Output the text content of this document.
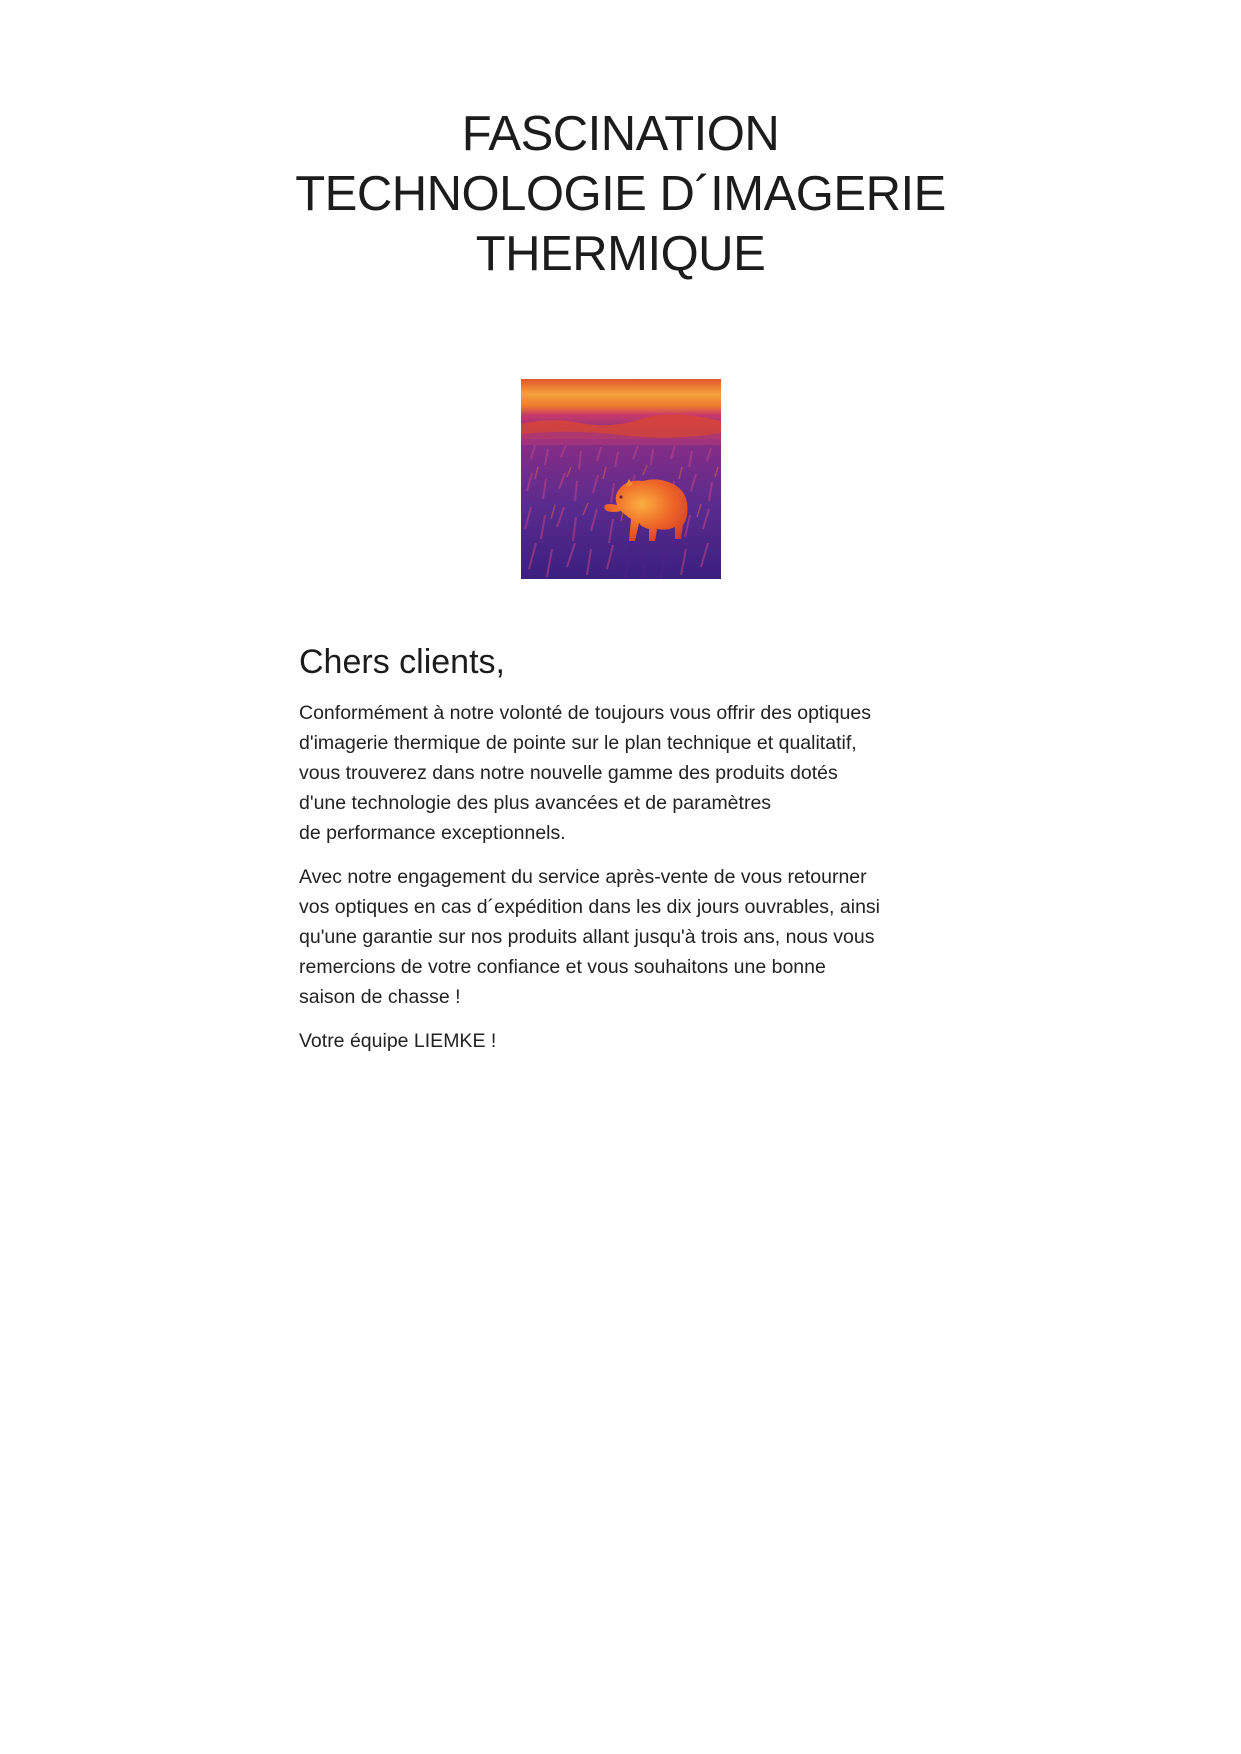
FASCINATION
TECHNOLOGIE D´IMAGERIE
THERMIQUE
Chers clients,

Conformément à notre volonté de toujours vous offrir des optiques
d'imagerie thermique de pointe sur le plan technique et qualitatif,
vous trouverez dans notre nouvelle gamme des produits dotés
d'une technologie des plus avancées et de paramètres
de performance exceptionnels.

Avec notre engagement du service après-vente de vous retourner
vos optiques en cas d´expédition dans les dix jours ouvrables, ainsi
qu'une garantie sur nos produits allant jusqu'à trois ans, nous vous
remercions de votre confiance et vous souhaitons une bonne
saison de chasse !

Votre équipe LIEMKE !
